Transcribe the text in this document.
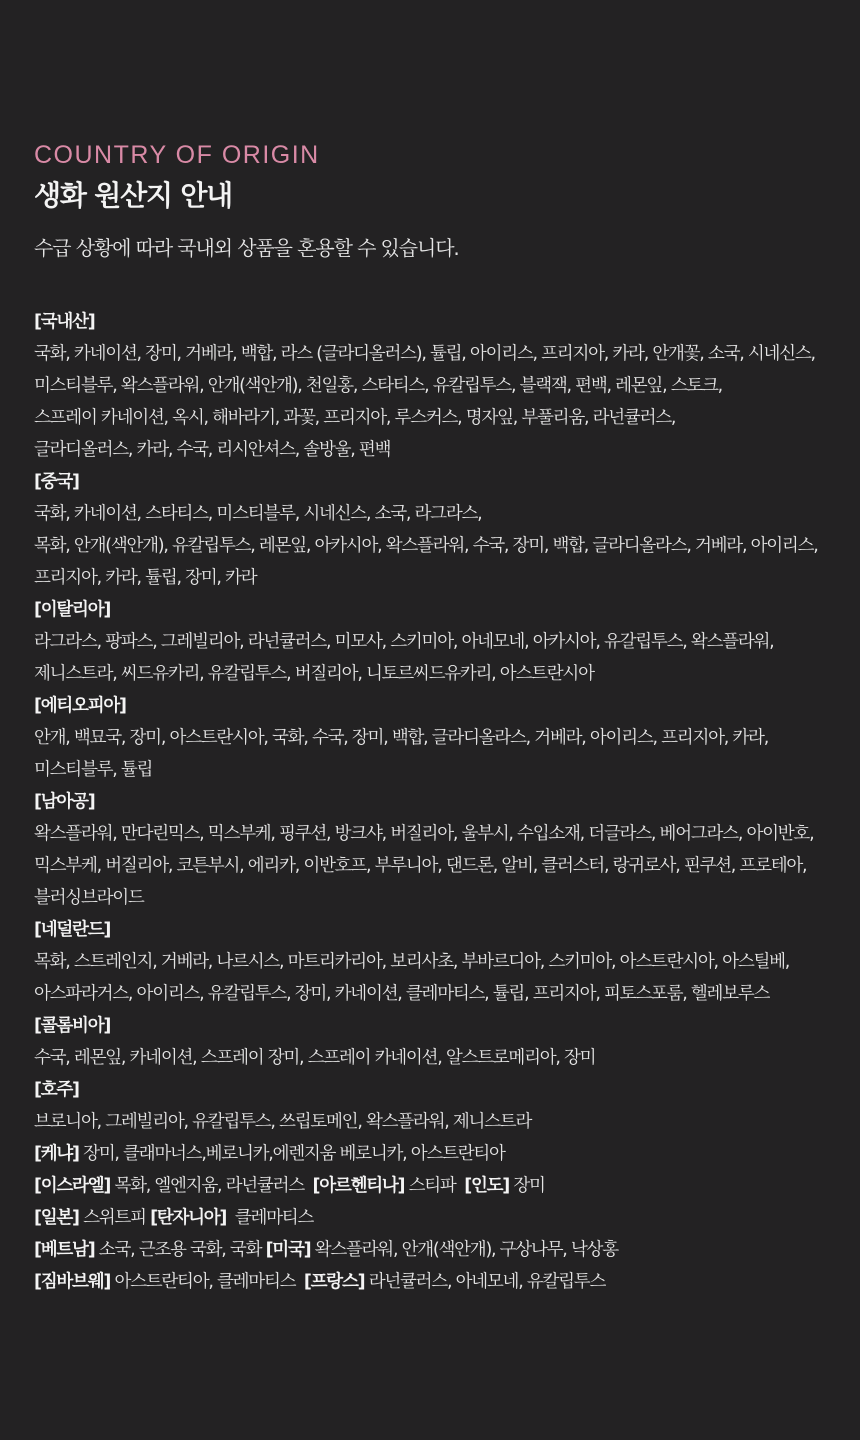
COUNTRY OF ORIGIN

생화 원산지 안내

수급 상황에 따라 국내외 상품을 혼용할 수 있습니다.

[국내산]
국화, 카네이션, 장미, 거베라, 백합, 라스 (글라디올러스), 튤립, 아이리스, 프리지아, 카라, 안개꽃, 소국, 시네신스,
미스티블루, 왁스플라워, 안개(색안개), 천일홍, 스타티스, 유칼립투스, 블랙잭, 편백, 레몬잎, 스토크,
스프레이 카네이션, 옥시, 해바라기, 과꽃, 프리지아, 루스커스, 명자잎, 부풀리움, 라넌큘러스,
글라디올러스, 카라, 수국, 리시안셔스, 솔방울, 편백
[중국]
국화, 카네이션, 스타티스, 미스티블루, 시네신스, 소국, 라그라스,
목화, 안개(색안개), 유칼립투스, 레몬잎, 아카시아, 왁스플라워, 수국, 장미, 백합, 글라디올라스, 거베라, 아이리스,
프리지아, 카라, 튤립, 장미, 카라
[이탈리아]
라그라스, 팡파스, 그레빌리아, 라넌큘러스, 미모사, 스키미아, 아네모네, 아카시아, 유갈립투스, 왁스플라워,
제니스트라, 씨드유카리, 유칼립투스, 버질리아, 니토르씨드유카리, 아스트란시아
[에티오피아]
안개, 백묘국, 장미, 아스트란시아, 국화, 수국, 장미, 백합, 글라디올라스, 거베라, 아이리스, 프리지아, 카라,
미스티블루, 튤립
[남아공]
왁스플라워, 만다린믹스, 믹스부케, 핑쿠션, 방크샤, 버질리아, 울부시, 수입소재, 더글라스, 베어그라스, 아이반호,
믹스부케, 버질리아, 코튼부시, 에리카, 이반호프, 부루니아, 댄드론, 알비, 클러스터, 랑귀로사, 핀쿠션, 프로테아,
블러싱브라이드
[네덜란드]
목화, 스트레인지, 거베라, 나르시스, 마트리카리아, 보리사초, 부바르디아, 스키미아, 아스트란시아, 아스틸베,
아스파라거스, 아이리스, 유칼립투스, 장미, 카네이션, 클레마티스, 튤립, 프리지아, 피토스포룸, 헬레보루스
[콜롬비아]
수국, 레몬잎, 카네이션, 스프레이 장미, 스프레이 카네이션, 알스트로메리아, 장미
[호주]
브로니아, 그레빌리아, 유칼립투스, 쓰립토메인, 왁스플라워, 제니스트라
[케냐] 장미, 클래마너스,베로니카,에렌지움 베로니카, 아스트란티아
[이스라엘] 목화, 엘엔지움, 라넌큘러스  [아르헨티나] 스티파  [인도] 장미
[일본] 스위트피 [탄자니아]  클레마티스
[베트남] 소국, 근조용 국화, 국화 [미국] 왁스플라워, 안개(색안개), 구상나무, 낙상홍
[짐바브웨] 아스트란티아, 클레마티스  [프랑스] 라넌큘러스, 아네모네, 유칼립투스
